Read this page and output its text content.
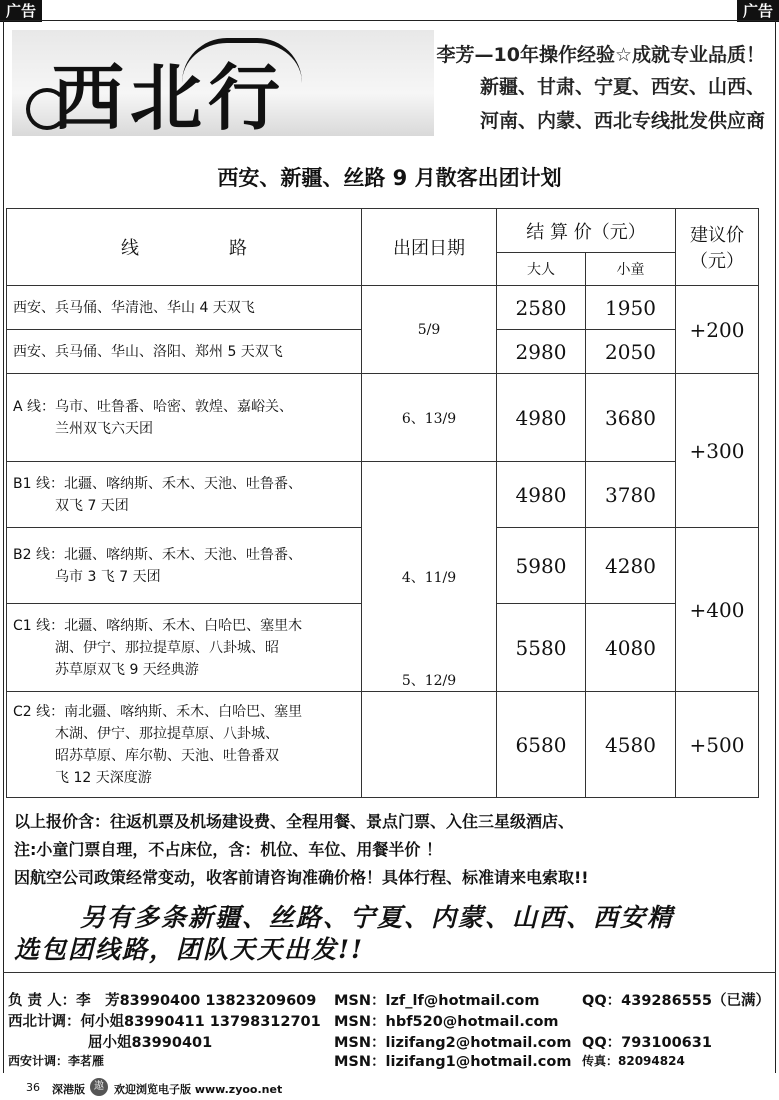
广告	广告
西北行	李芳—10年操作经验☆成就专业品质！
新疆、甘肃、宁夏、西安、山西、
河南、内蒙、西北专线批发供应商
西安、新疆、丝路 9 月散客出团计划
线　　　　　路	出团日期	结 算 价（元）		建议价（元）
		大人	小童	
西安、兵马俑、华清池、华山 4 天双飞	5/9	2580	1950	+200
西安、兵马俑、华山、洛阳、郑州 5 天双飞		2980	2050	
A 线：乌市、吐鲁番、哈密、敦煌、嘉峪关、
兰州双飞六天团	6、13/9	4980	3680	+300
B1 线：北疆、喀纳斯、禾木、天池、吐鲁番、
双飞 7 天团	4、11/9	4980	3780	
B2 线：北疆、喀纳斯、禾木、天池、吐鲁番、
乌市 3 飞 7 天团		5980	4280	+400
C1 线：北疆、喀纳斯、禾木、白哈巴、塞里木
湖、伊宁、那拉提草原、八卦城、昭
苏草原双飞 9 天经典游		5580	4080	
C2 线：南北疆、喀纳斯、禾木、白哈巴、塞里
木湖、伊宁、那拉提草原、八卦城、
昭苏草原、库尔勒、天池、吐鲁番双
飞 12 天深度游	5、12/9	6580	4580	+500
以上报价含：往返机票及机场建设费、全程用餐、景点门票、入住三星级酒店、
注:小童门票自理，不占床位，含：机位、车位、用餐半价 ！
因航空公司政策经常变动，收客前请咨询准确价格！具体行程、标准请来电索取!!
另有多条新疆、丝路、宁夏、内蒙、山西、西安精
选包团线路，团队天天出发!!
负 责 人：李　芳83990400 13823209609 MSN：lzf_lf@hotmail.com	QQ：439286555（已满）
西北计调：何小姐83990411 13798312701 MSN：hbf520@hotmail.com
屈小姐83990401	MSN：lizifang2@hotmail.com QQ：793100631
西安计调：李茗雁	MSN：lizifang1@hotmail.com 传真：82094824
36 深港版 遨 欢迎浏览电子版 www.zyoo.net
